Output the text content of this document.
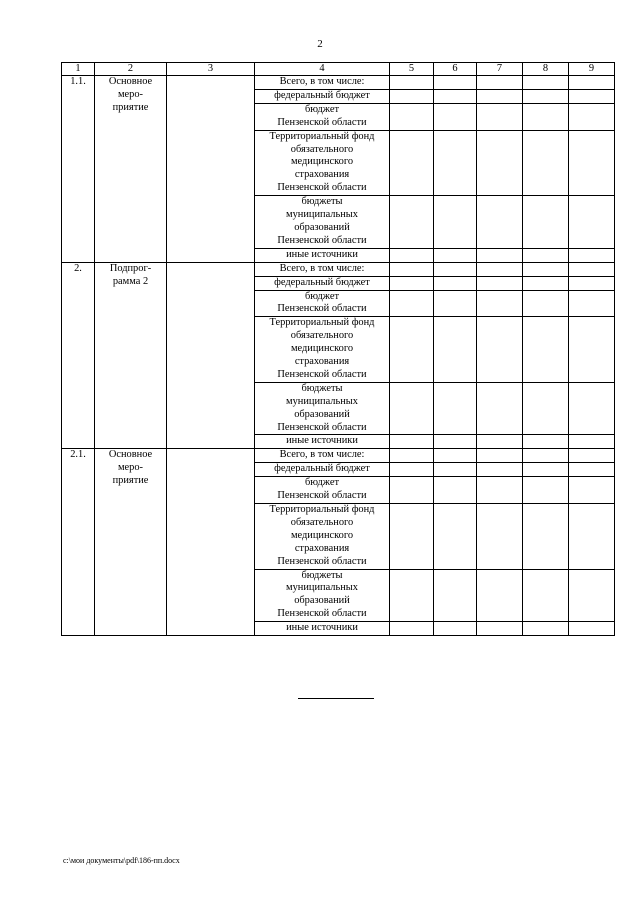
2
1	2	3	4	5	6	7	8	9
1.1.	Основное
меро-
приятие		Всего, в том числе:					
			федеральный бюджет					
			бюджет
Пензенской области					
			Территориальный фонд
обязательного
медицинского
страхования
Пензенской области					
			бюджеты
муниципальных
образований
Пензенской области					
			иные источники					
2.	Подпрог-
рамма 2		Всего, в том числе:					
			федеральный бюджет					
			бюджет
Пензенской области					
			Территориальный фонд
обязательного
медицинского
страхования
Пензенской области					
			бюджеты
муниципальных
образований
Пензенской области					
			иные источники					
2.1.	Основное
меро-
приятие		Всего, в том числе:					
			федеральный бюджет					
			бюджет
Пензенской области					
			Территориальный фонд
обязательного
медицинского
страхования
Пензенской области					
			бюджеты
муниципальных
образований
Пензенской области					
			иные источники					
c:\мои документы\pdf\186-пп.docx
